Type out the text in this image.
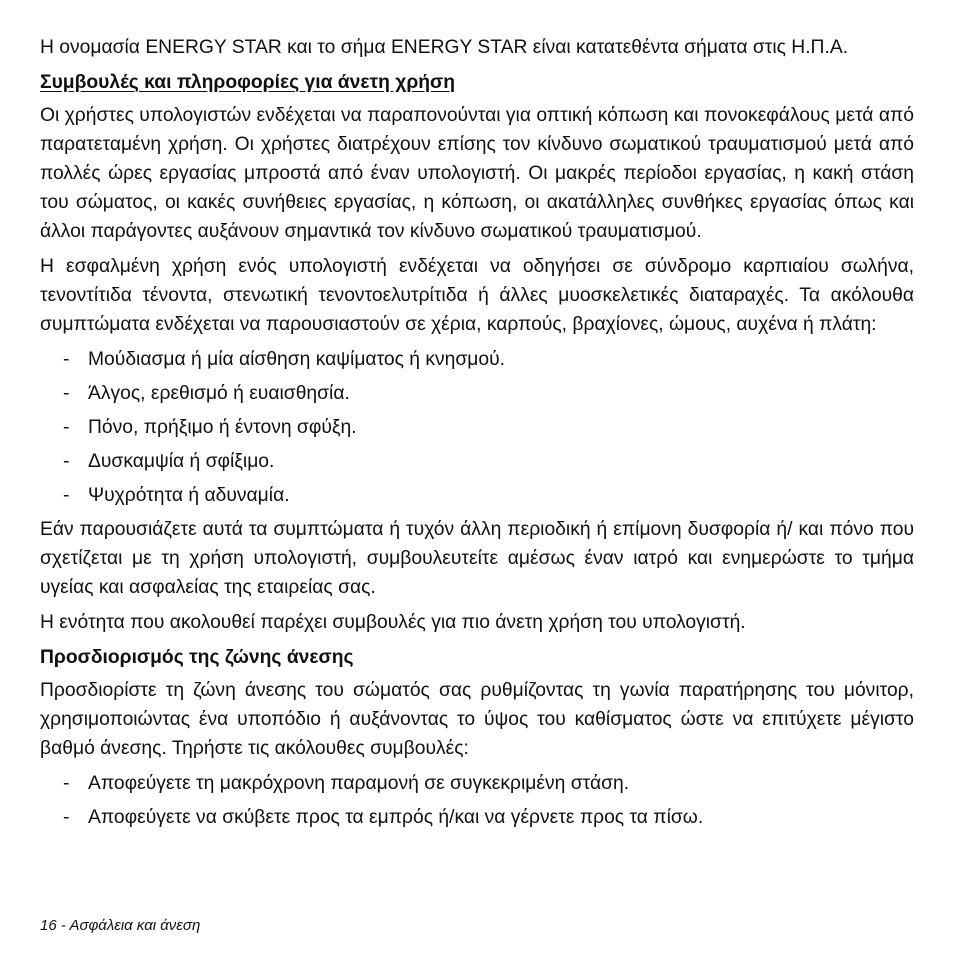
Η ονομασία ENERGY STAR και το σήμα ENERGY STAR είναι κατατεθέντα σήματα στις Η.Π.Α.

Συμβουλές και πληροφορίες για άνετη χρήση

Οι χρήστες υπολογιστών ενδέχεται να παραπονούνται για οπτική κόπωση και πονοκεφάλους μετά από παρατεταμένη χρήση. Οι χρήστες διατρέχουν επίσης τον κίνδυνο σωματικού τραυματισμού μετά από πολλές ώρες εργασίας μπροστά από έναν υπολογιστή. Οι μακρές περίοδοι εργασίας, η κακή στάση του σώματος, οι κακές συνήθειες εργασίας, η κόπωση, οι ακατάλληλες συνθήκες εργασίας όπως και άλλοι παράγοντες αυξάνουν σημαντικά τον κίνδυνο σωματικού τραυματισμού.

Η εσφαλμένη χρήση ενός υπολογιστή ενδέχεται να οδηγήσει σε σύνδρομο καρπιαίου σωλήνα, τενοντίτιδα τένοντα, στενωτική τενοντοελυτρίτιδα ή άλλες μυοσκελετικές διαταραχές. Τα ακόλουθα συμπτώματα ενδέχεται να παρουσιαστούν σε χέρια, καρπούς, βραχίονες, ώμους, αυχένα ή πλάτη:

- Μούδιασμα ή μία αίσθηση καψίματος ή κνησμού.
- Άλγος, ερεθισμό ή ευαισθησία.
- Πόνο, πρήξιμο ή έντονη σφύξη.
- Δυσκαμψία ή σφίξιμο.
- Ψυχρότητα ή αδυναμία.

Εάν παρουσιάζετε αυτά τα συμπτώματα ή τυχόν άλλη περιοδική ή επίμονη δυσφορία ή/ και πόνο που σχετίζεται με τη χρήση υπολογιστή, συμβουλευτείτε αμέσως έναν ιατρό και ενημερώστε το τμήμα υγείας και ασφαλείας της εταιρείας σας.

Η ενότητα που ακολουθεί παρέχει συμβουλές για πιο άνετη χρήση του υπολογιστή.

Προσδιορισμός της ζώνης άνεσης

Προσδιορίστε τη ζώνη άνεσης του σώματός σας ρυθμίζοντας τη γωνία παρατήρησης του μόνιτορ, χρησιμοποιώντας ένα υποπόδιο ή αυξάνοντας το ύψος του καθίσματος ώστε να επιτύχετε μέγιστο βαθμό άνεσης. Τηρήστε τις ακόλουθες συμβουλές:

- Αποφεύγετε τη μακρόχρονη παραμονή σε συγκεκριμένη στάση.
- Αποφεύγετε να σκύβετε προς τα εμπρός ή/και να γέρνετε προς τα πίσω.
16 - Ασφάλεια και άνεση
